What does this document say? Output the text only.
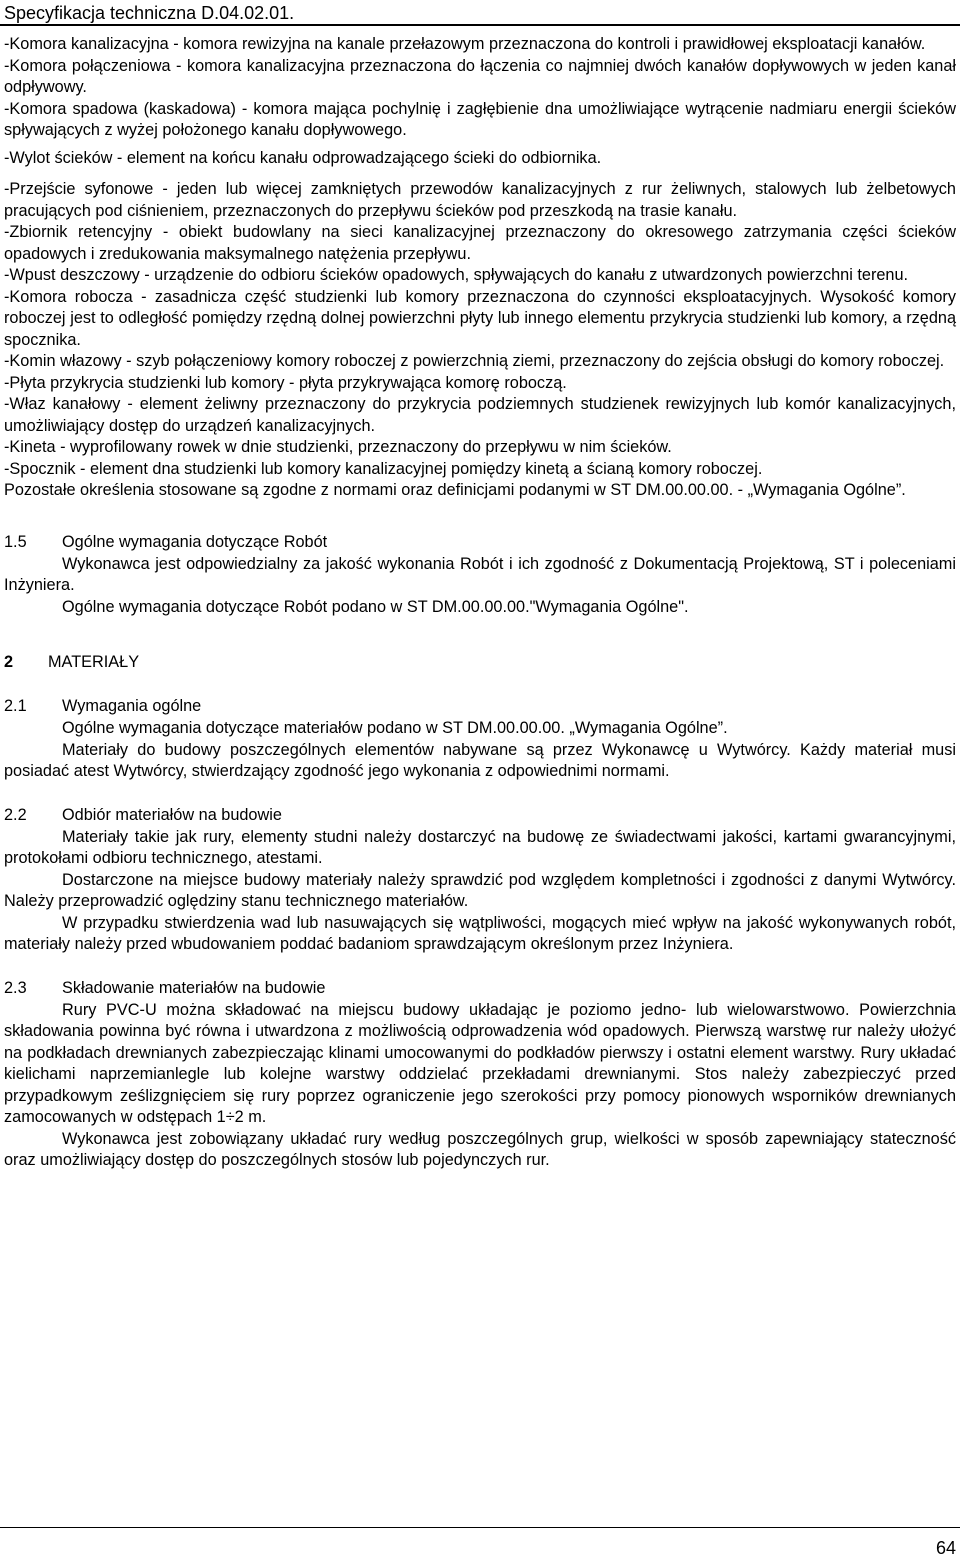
Specyfikacja techniczna D.04.02.01.

-Komora kanalizacyjna - komora rewizyjna na kanale przełazowym przeznaczona do kontroli i prawidłowej eksploatacji kanałów.

-Komora połączeniowa - komora kanalizacyjna przeznaczona do łączenia co najmniej dwóch kanałów dopływowych w jeden kanał odpływowy.

-Komora spadowa (kaskadowa) - komora mająca pochylnię i zagłębienie dna umożliwiające wytrącenie nadmiaru energii ścieków spływających z wyżej położonego kanału dopływowego.

-Wylot ścieków - element na końcu kanału odprowadzającego ścieki do odbiornika.

-Przejście syfonowe - jeden lub więcej zamkniętych przewodów kanalizacyjnych z rur żeliwnych, stalowych lub żelbetowych pracujących pod ciśnieniem, przeznaczonych do przepływu ścieków pod przeszkodą na trasie kanału.

-Zbiornik retencyjny - obiekt budowlany na sieci kanalizacyjnej przeznaczony do okresowego zatrzymania części ścieków opadowych i zredukowania maksymalnego natężenia przepływu.

-Wpust deszczowy - urządzenie do odbioru ścieków opadowych, spływających do kanału z utwardzonych powierzchni terenu.

-Komora robocza - zasadnicza część studzienki lub komory przeznaczona do czynności eksploatacyjnych. Wysokość komory roboczej jest to odległość pomiędzy rzędną dolnej powierzchni płyty lub innego elementu przykrycia studzienki lub komory, a rzędną spocznika.

-Komin włazowy - szyb połączeniowy komory roboczej z powierzchnią ziemi, przeznaczony do zejścia obsługi do komory roboczej.

-Płyta przykrycia studzienki lub komory - płyta przykrywająca komorę roboczą.

-Właz kanałowy - element żeliwny przeznaczony do przykrycia podziemnych studzienek rewizyjnych lub komór kanalizacyjnych, umożliwiający dostęp do urządzeń kanalizacyjnych.

-Kineta - wyprofilowany rowek w dnie studzienki, przeznaczony do przepływu w nim ścieków.

-Spocznik - element dna studzienki lub komory kanalizacyjnej pomiędzy kinetą a ścianą komory roboczej.

Pozostałe określenia stosowane są zgodne z normami oraz definicjami podanymi w ST DM.00.00.00. - „Wymagania Ogólne”.

1.5 Ogólne wymagania dotyczące Robót

Wykonawca jest odpowiedzialny za jakość wykonania Robót i ich zgodność z Dokumentacją Projektową, ST i poleceniami Inżyniera.

Ogólne wymagania dotyczące Robót podano w ST DM.00.00.00."Wymagania Ogólne".

2 MATERIAŁY
2.1 Wymagania ogólne

Ogólne wymagania dotyczące materiałów podano w ST DM.00.00.00. „Wymagania Ogólne”.

Materiały do budowy poszczególnych elementów nabywane są przez Wykonawcę u Wytwórcy. Każdy materiał musi posiadać atest Wytwórcy, stwierdzający zgodność jego wykonania z odpowiednimi normami.

2.2 Odbiór materiałów na budowie

Materiały takie jak rury, elementy studni należy dostarczyć na budowę ze świadectwami jakości, kartami gwarancyjnymi, protokołami odbioru technicznego, atestami.

Dostarczone na miejsce budowy materiały należy sprawdzić pod względem kompletności i zgodności z danymi Wytwórcy. Należy przeprowadzić oględziny stanu technicznego materiałów.

W przypadku stwierdzenia wad lub nasuwających się wątpliwości, mogących mieć wpływ na jakość wykonywanych robót, materiały należy przed wbudowaniem poddać badaniom sprawdzającym określonym przez Inżyniera.

2.3 Składowanie materiałów na budowie

Rury PVC-U można składować na miejscu budowy układając je poziomo jedno- lub wielowarstwowo. Powierzchnia składowania powinna być równa i utwardzona z możliwością odprowadzenia wód opadowych. Pierwszą warstwę rur należy ułożyć na podkładach drewnianych zabezpieczając klinami umocowanymi do podkładów pierwszy i ostatni element warstwy. Rury układać kielichami naprzemianlegle lub kolejne warstwy oddzielać przekładami drewnianymi. Stos należy zabezpieczyć przed przypadkowym ześlizgnięciem się rury poprzez ograniczenie jego szerokości przy pomocy pionowych wsporników drewnianych zamocowanych w odstępach 1÷2 m.

Wykonawca jest zobowiązany układać rury według poszczególnych grup, wielkości w sposób zapewniający stateczność oraz umożliwiający dostęp do poszczególnych stosów lub pojedynczych rur.

64
